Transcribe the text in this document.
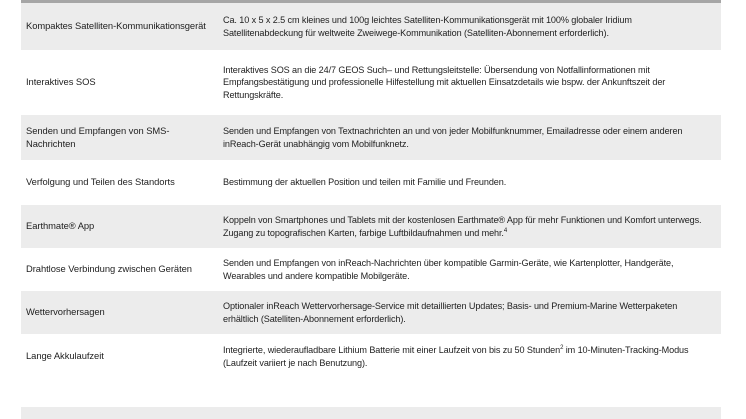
Kompaktes Satelliten-Kommunikationsgerät
Ca. 10 x 5 x 2.5 cm kleines und 100g leichtes Satelliten-Kommunikationsgerät mit 100% globaler Iridium Satellitenabdeckung für weltweite Zweiwege-Kommunikation (Satelliten-Abonnement erforderlich).
Interaktives SOS
Interaktives SOS an die 24/7 GEOS Such– und Rettungsleitstelle: Übersendung von Notfallinformationen mit Empfangsbestätigung und professionelle Hilfestellung mit aktuellen Einsatzdetails wie bspw. der Ankunftszeit der Rettungskräfte.
Senden und Empfangen von SMS-Nachrichten
Senden und Empfangen von Textnachrichten an und von jeder Mobilfunknummer, Emailadresse oder einem anderen inReach-Gerät unabhängig vom Mobilfunknetz.
Verfolgung und Teilen des Standorts	Bestimmung der aktuellen Position und teilen mit Familie und Freunden.
Earthmate® App
Koppeln von Smartphones und Tablets mit der kostenlosen Earthmate® App für mehr Funktionen und Komfort unterwegs. Zugang zu topografischen Karten, farbige Luftbildaufnahmen und mehr.$^4$
Drahtlose Verbindung zwischen Geräten
Senden und Empfangen von inReach-Nachrichten über kompatible Garmin-Geräte, wie Kartenplotter, Handgeräte, Wearables und andere kompatible Mobilgeräte.
Wettervorhersagen
Optionaler inReach Wettervorhersage-Service mit detaillierten Updates; Basis- und Premium-Marine Wetterpaketen erhältlich (Satelliten-Abonnement erforderlich).
Lange Akkulaufzeit
Integrierte, wiederaufladbare Lithium Batterie mit einer Laufzeit von bis zu 50 Stunden$^2$ im 10-Minuten-Tracking-Modus (Laufzeit variiert je nach Benutzung).
